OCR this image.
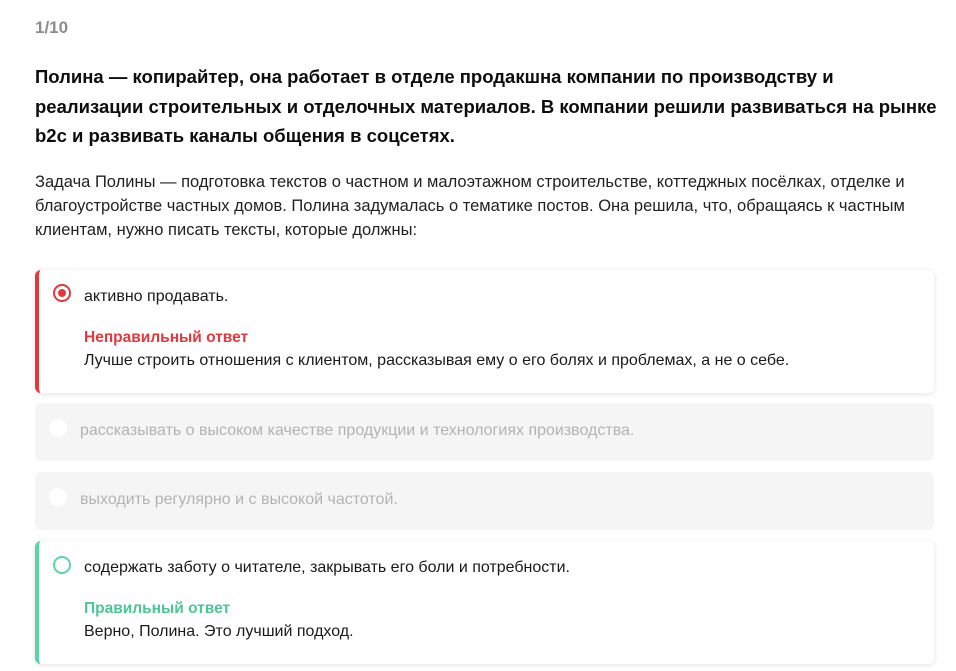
1/10
Полина — копирайтер, она работает в отделе продакшна компании по производству и реализации строительных и отделочных материалов. В компании решили развиваться на рынке b2c и развивать каналы общения в соцсетях.
Задача Полины — подготовка текстов о частном и малоэтажном строительстве, коттеджных посёлках, отделке и благоустройстве частных домов. Полина задумалась о тематике постов. Она решила, что, обращаясь к частным клиентам, нужно писать тексты, которые должны:
активно продавать.
Неправильный ответ
Лучше строить отношения с клиентом, рассказывая ему о его болях и проблемах, а не о себе.
рассказывать о высоком качестве продукции и технологиях производства.
выходить регулярно и с высокой частотой.
содержать заботу о читателе, закрывать его боли и потребности.
Правильный ответ
Верно, Полина. Это лучший подход.
